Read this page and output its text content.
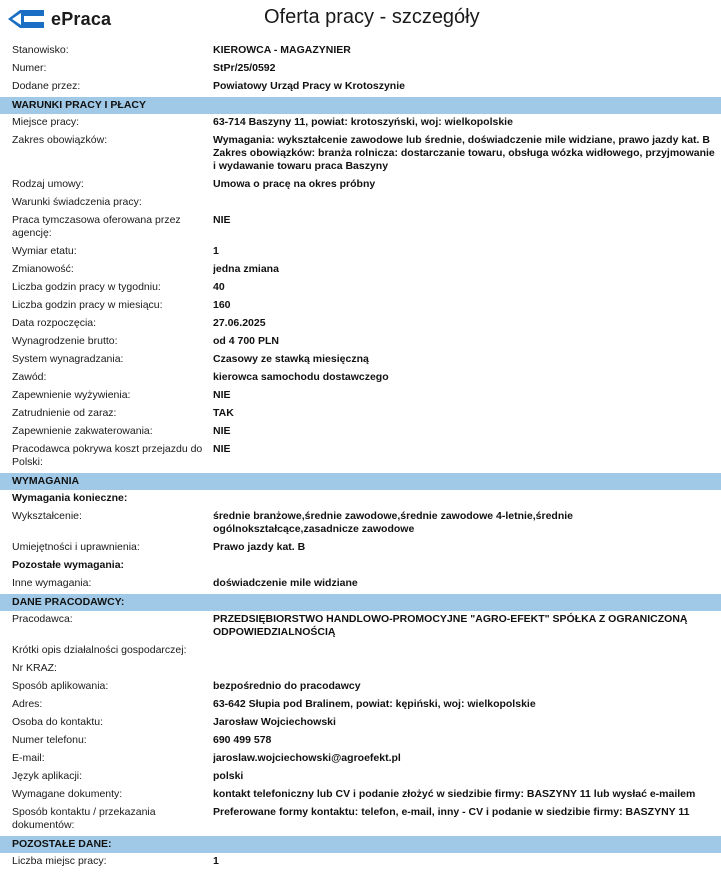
ePraca	Oferta pracy - szczegóły
Stanowisko:	KIEROWCA - MAGAZYNIER
Numer:	StPr/25/0592
Dodane przez:	Powiatowy Urząd Pracy w Krotoszynie
WARUNKI PRACY I PŁACY	
Miejsce pracy:	63-714 Baszyny 11, powiat: krotoszyński, woj: wielkopolskie
Zakres obowiązków:	Wymagania: wykształcenie zawodowe lub średnie, doświadczenie mile widziane, prawo jazdy kat. B Zakres obowiązków: branża rolnicza: dostarczanie towaru, obsługa wózka widłowego, przyjmowanie i wydawanie towaru praca Baszyny
Rodzaj umowy:	Umowa o pracę na okres próbny
Warunki świadczenia pracy:	
Praca tymczasowa oferowana przez agencję:	NIE
Wymiar etatu:	1
Zmianowość:	jedna zmiana
Liczba godzin pracy w tygodniu:	40
Liczba godzin pracy w miesiącu:	160
Data rozpoczęcia:	27.06.2025
Wynagrodzenie brutto:	od 4 700 PLN
System wynagradzania:	Czasowy ze stawką miesięczną
Zawód:	kierowca samochodu dostawczego
Zapewnienie wyżywienia:	NIE
Zatrudnienie od zaraz:	TAK
Zapewnienie zakwaterowania:	NIE
Pracodawca pokrywa koszt przejazdu do Polski:	NIE
WYMAGANIA	
Wymagania konieczne:	
Wykształcenie:	średnie branżowe,średnie zawodowe,średnie zawodowe 4-letnie,średnie ogólnokształcące,zasadnicze zawodowe
Umiejętności i uprawnienia:	Prawo jazdy kat. B
Pozostałe wymagania:	
Inne wymagania:	doświadczenie mile widziane
DANE PRACODAWCY:	
Pracodawca:	PRZEDSIĘBIORSTWO HANDLOWO-PROMOCYJNE "AGRO-EFEKT" SPÓŁKA Z OGRANICZONĄ ODPOWIEDZIALNOŚCIĄ
Krótki opis działalności gospodarczej:	
Nr KRAZ:	
Sposób aplikowania:	bezpośrednio do pracodawcy
Adres:	63-642 Słupia pod Bralinem, powiat: kępiński, woj: wielkopolskie
Osoba do kontaktu:	Jarosław Wojciechowski
Numer telefonu:	690 499 578
E-mail:	jaroslaw.wojciechowski@agroefekt.pl
Język aplikacji:	polski
Wymagane dokumenty:	kontakt telefoniczny lub CV i podanie złożyć w siedzibie firmy: BASZYNY 11 lub wysłać e-mailem
Sposób kontaktu / przekazania dokumentów:	Preferowane formy kontaktu: telefon, e-mail, inny - CV i podanie w siedzibie firmy: BASZYNY 11
POZOSTAŁE DANE:	
Liczba miejsc pracy:	1
